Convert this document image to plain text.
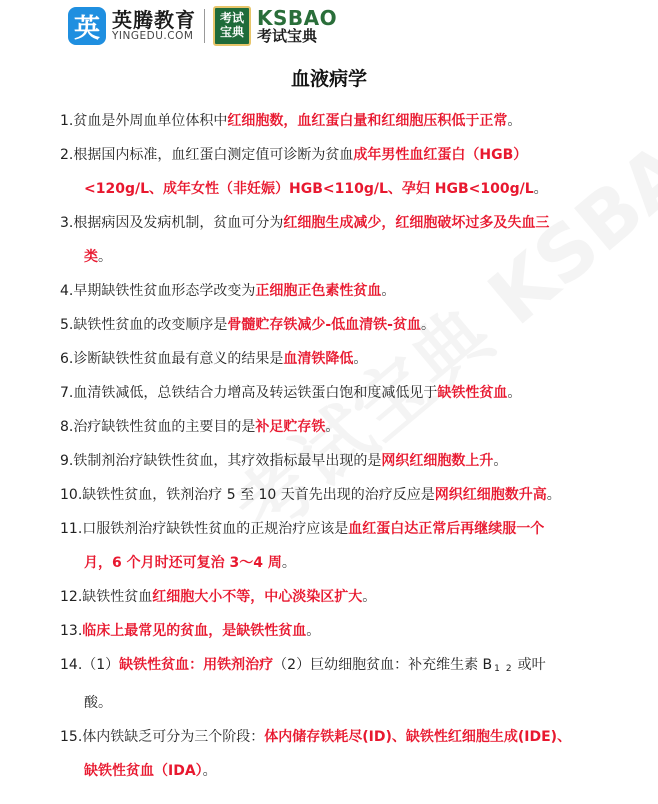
英 英腾教育
YINGEDU.COM
考试
宝典
KSBAO
考试宝典
血液病学
1.贫血是外周血单位体积中红细胞数，血红蛋白量和红细胞压积低于正常。
2.根据国内标准，血红蛋白测定值可诊断为贫血成年男性血红蛋白（HGB）
<120g/L、成年女性（非妊娠）HGB<110g/L、孕妇 HGB<100g/L。
3.根据病因及发病机制，贫血可分为红细胞生成减少，红细胞破坏过多及失血三
类。
4.早期缺铁性贫血形态学改变为正细胞正色素性贫血。
5.缺铁性贫血的改变顺序是骨髓贮存铁减少-低血清铁-贫血。
6.诊断缺铁性贫血最有意义的结果是血清铁降低。
7.血清铁减低，总铁结合力增高及转运铁蛋白饱和度减低见于缺铁性贫血。
8.治疗缺铁性贫血的主要目的是补足贮存铁。
9.铁制剂治疗缺铁性贫血，其疗效指标最早出现的是网织红细胞数上升。
10.缺铁性贫血，铁剂治疗 5 至 10 天首先出现的治疗反应是网织红细胞数升高。
11.口服铁剂治疗缺铁性贫血的正规治疗应该是血红蛋白达正常后再继续服一个
月，6 个月时还可复治 3～4 周。
12.缺铁性贫血红细胞大小不等，中心淡染区扩大。
13.临床上最常见的贫血，是缺铁性贫血。
14.（1）缺铁性贫血：用铁剂治疗（2）巨幼细胞贫血：补充维生素 B $_{12}$或叶
酸。
15.体内铁缺乏可分为三个阶段：体内储存铁耗尽(ID)、缺铁性红细胞生成(IDE)、
缺铁性贫血（IDA）。
